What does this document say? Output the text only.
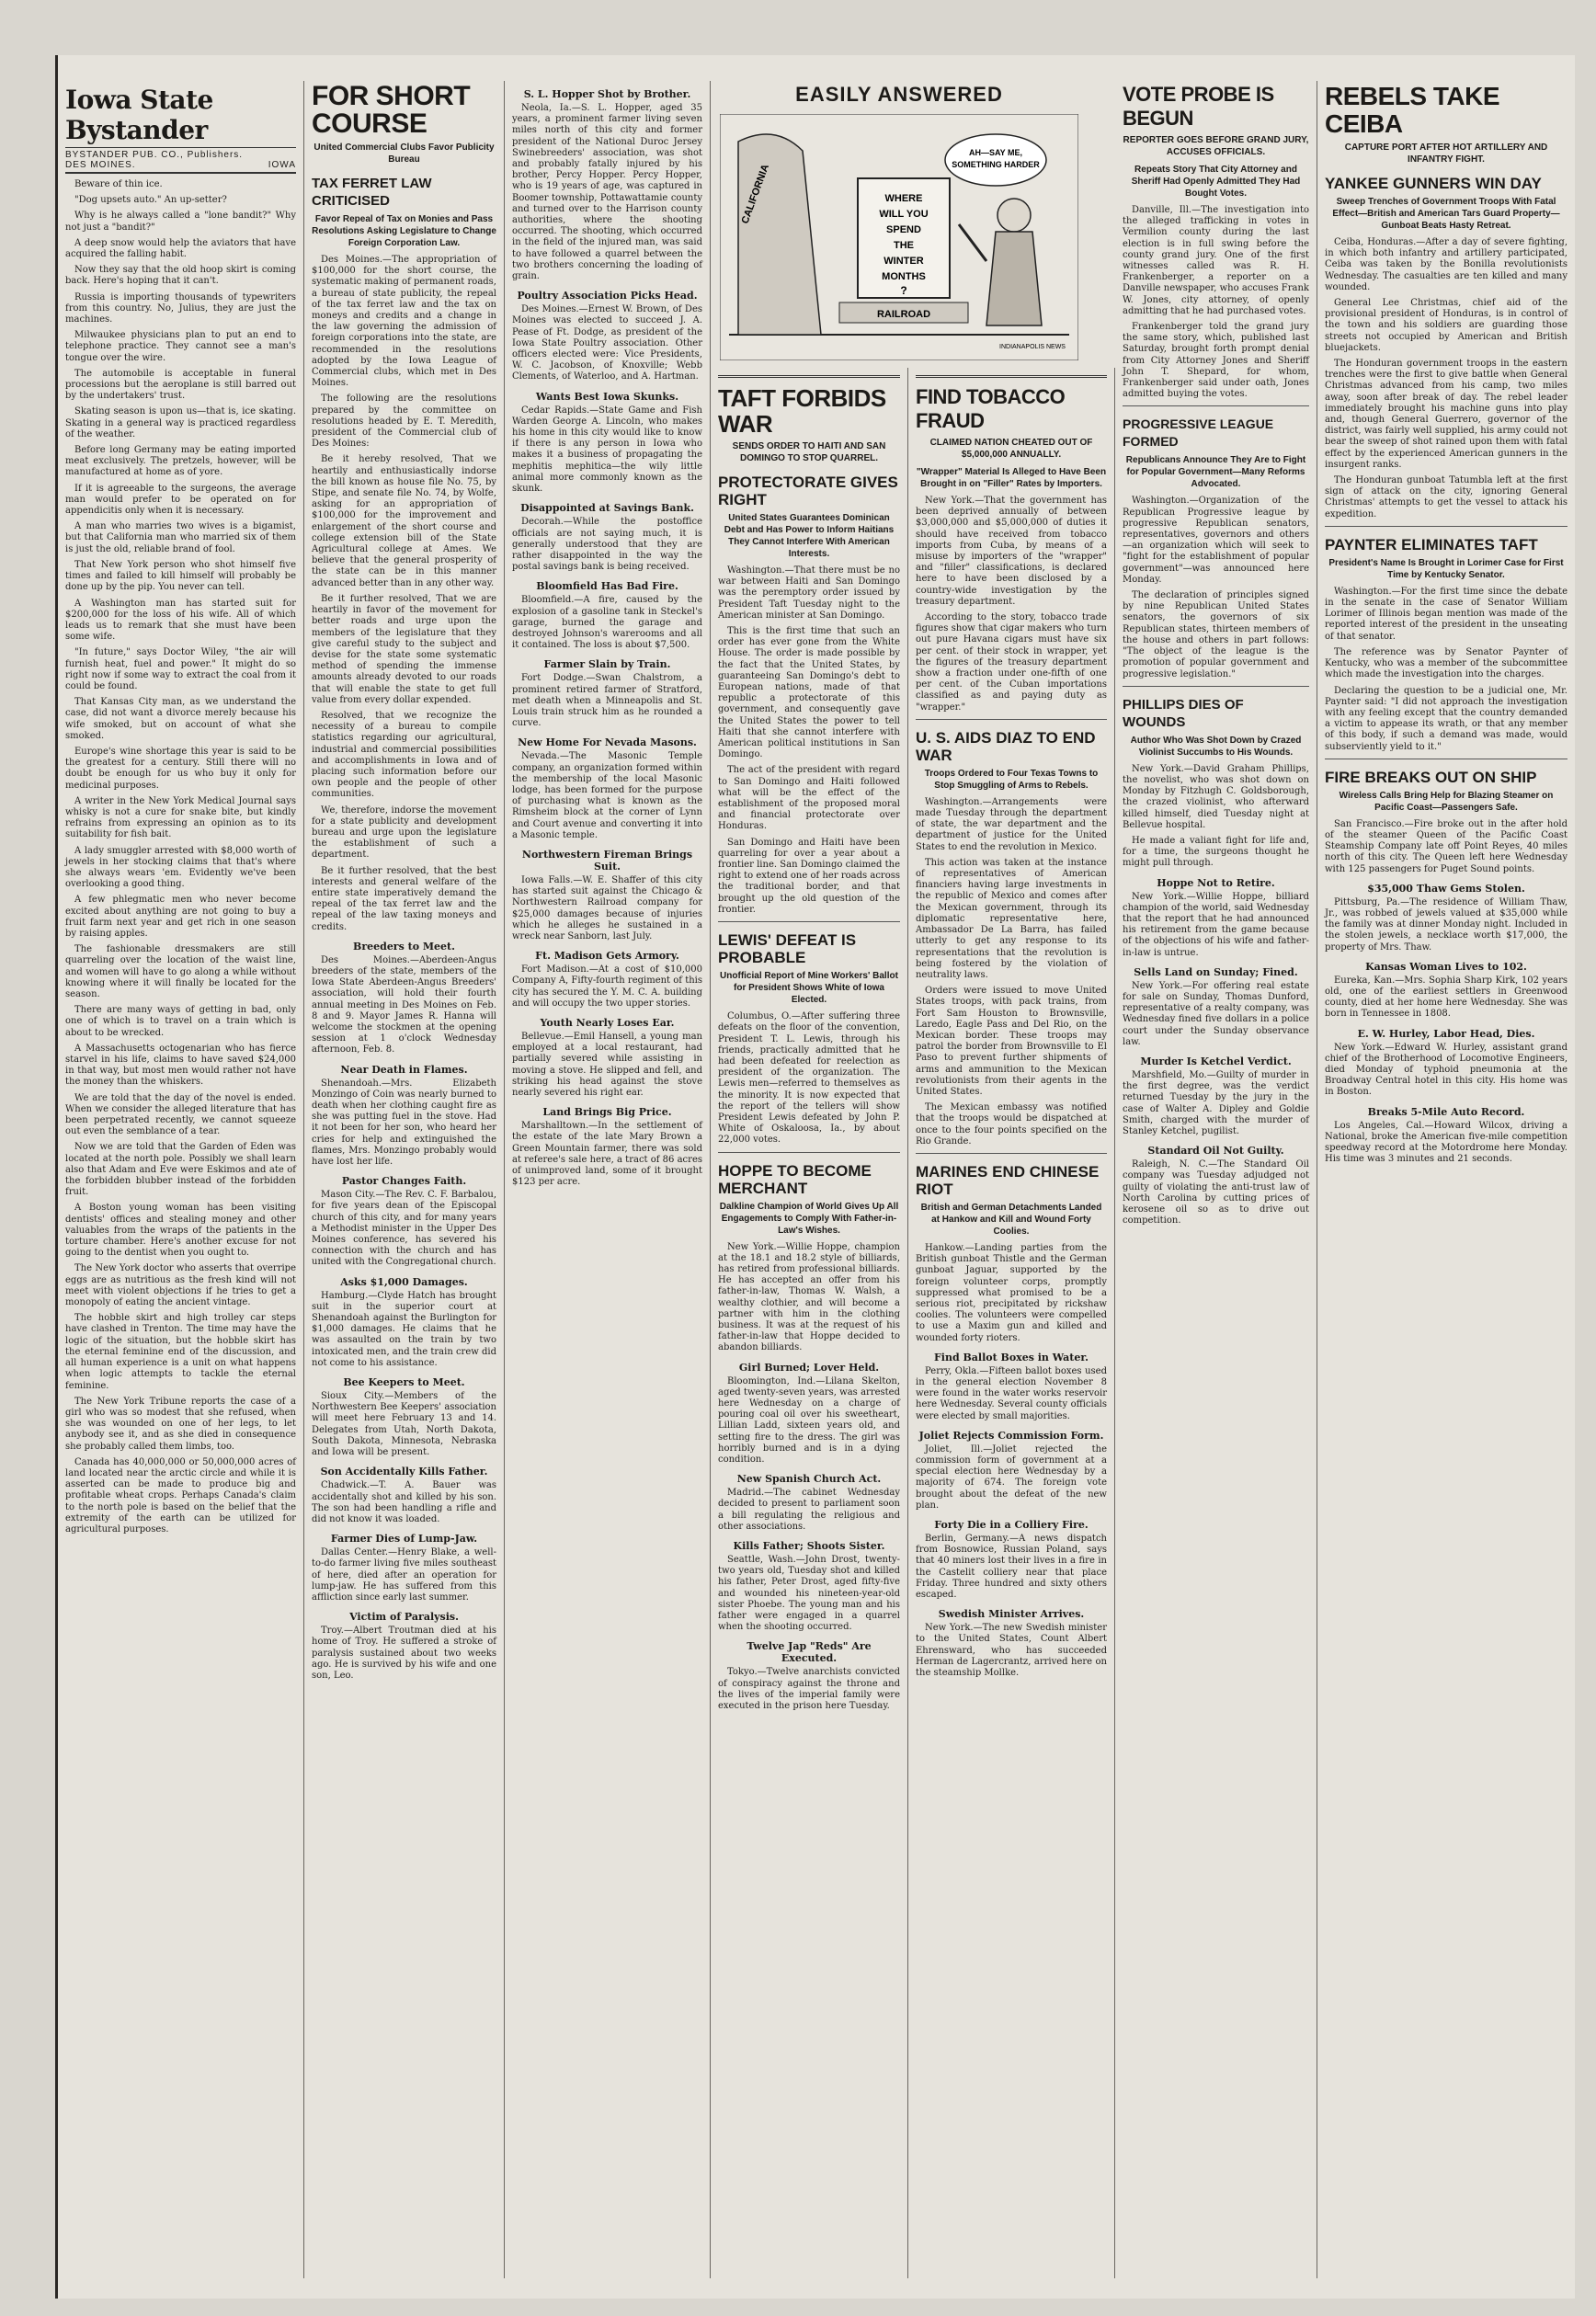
Iowa State Bystander
BYSTANDER PUB. CO., Publishers.
DES MOINES.	IOWA

Beware of thin ice.

"Dog upsets auto." An up-setter?

Why is he always called a "lone bandit?" Why not just a "bandit?"

A deep snow would help the aviators that have acquired the falling habit.

Now they say that the old hoop skirt is coming back. Here's hoping that it can't.

Russia is importing thousands of typewriters from this country. No, Julius, they are just the machines.

Milwaukee physicians plan to put an end to telephone practice. They cannot see a man's tongue over the wire.

The automobile is acceptable in funeral processions but the aeroplane is still barred out by the undertakers' trust.

Skating season is upon us—that is, ice skating. Skating in a general way is practiced regardless of the weather.

Before long Germany may be eating imported meat exclusively. The pretzels, however, will be manufactured at home as of yore.

If it is agreeable to the surgeons, the average man would prefer to be operated on for appendicitis only when it is necessary.

A man who marries two wives is a bigamist, but that California man who married six of them is just the old, reliable brand of fool.

That New York person who shot himself five times and failed to kill himself will probably be done up by the pip. You never can tell.

A Washington man has started suit for $200,000 for the loss of his wife. All of which leads us to remark that she must have been some wife.

"In future," says Doctor Wiley, "the air will furnish heat, fuel and power." It might do so right now if some way to extract the coal from it could be found.

That Kansas City man, as we understand the case, did not want a divorce merely because his wife smoked, but on account of what she smoked.

Europe's wine shortage this year is said to be the greatest for a century. Still there will no doubt be enough for us who buy it only for medicinal purposes.

A writer in the New York Medical Journal says whisky is not a cure for snake bite, but kindly refrains from expressing an opinion as to its suitability for fish bait.

A lady smuggler arrested with $8,000 worth of jewels in her stocking claims that that's where she always wears 'em. Evidently we've been overlooking a good thing.

A few phlegmatic men who never become excited about anything are not going to buy a fruit farm next year and get rich in one season by raising apples.

The fashionable dressmakers are still quarreling over the location of the waist line, and women will have to go along a while without knowing where it will finally be located for the season.

There are many ways of getting in bad, only one of which is to travel on a train which is about to be wrecked.

A Massachusetts octogenarian who has fierce starvel in his life, claims to have saved $24,000 in that way, but most men would rather not have the money than the whiskers.

We are told that the day of the novel is ended. When we consider the alleged literature that has been perpetrated recently, we cannot squeeze out even the semblance of a tear.

Now we are told that the Garden of Eden was located at the north pole. Possibly we shall learn also that Adam and Eve were Eskimos and ate of the forbidden blubber instead of the forbidden fruit.

A Boston young woman has been visiting dentists' offices and stealing money and other valuables from the wraps of the patients in the torture chamber. Here's another excuse for not going to the dentist when you ought to.

The New York doctor who asserts that overripe eggs are as nutritious as the fresh kind will not meet with violent objections if he tries to get a monopoly of eating the ancient vintage.

The hobble skirt and high trolley car steps have clashed in Trenton. The time may have the logic of the situation, but the hobble skirt has the eternal feminine end of the discussion, and all human experience is a unit on what happens when logic attempts to tackle the eternal feminine.

The New York Tribune reports the case of a girl who was so modest that she refused, when she was wounded on one of her legs, to let anybody see it, and as she died in consequence she probably called them limbs, too.

Canada has 40,000,000 or 50,000,000 acres of land located near the arctic circle and while it is asserted can be made to produce big and profitable wheat crops. Perhaps Canada's claim to the north pole is based on the belief that the extremity of the earth can be utilized for agricultural purposes.

FOR SHORT COURSE
United Commercial Clubs Favor Publicity Bureau
TAX FERRET LAW CRITICISED
Favor Repeal of Tax on Monies and Pass Resolutions Asking Legislature to Change Foreign Corporation Law.

Des Moines.—The appropriation of $100,000 for the short course, the systematic making of permanent roads, a bureau of state publicity, the repeal of the tax ferret law and the tax on moneys and credits and a change in the law governing the admission of foreign corporations into the state, are recommended in the resolutions adopted by the Iowa League of Commercial clubs, which met in Des Moines.

The following are the resolutions prepared by the committee on resolutions headed by E. T. Meredith, president of the Commercial club of Des Moines:

Be it hereby resolved, That we heartily and enthusiastically indorse the bill known as house file No. 75, by Stipe, and senate file No. 74, by Wolfe, asking for an appropriation of $100,000 for the improvement and enlargement of the short course and college extension bill of the State Agricultural college at Ames. We believe that the general prosperity of the state can be in this manner advanced better than in any other way.

Be it further resolved, That we are heartily in favor of the movement for better roads and urge upon the members of the legislature that they give careful study to the subject and devise for the state some systematic method of spending the immense amounts already devoted to our roads that will enable the state to get full value from every dollar expended.

Resolved, that we recognize the necessity of a bureau to compile statistics regarding our agricultural, industrial and commercial possibilities and accomplishments in Iowa and of placing such information before our own people and the people of other communities.

We, therefore, indorse the movement for a state publicity and development bureau and urge upon the legislature the establishment of such a department.

Be it further resolved, that the best interests and general welfare of the entire state imperatively demand the repeal of the tax ferret law and the repeal of the law taxing moneys and credits.

Breeders to Meet.

Des Moines.—Aberdeen-Angus breeders of the state, members of the Iowa State Aberdeen-Angus Breeders' association, will hold their fourth annual meeting in Des Moines on Feb. 8 and 9. Mayor James R. Hanna will welcome the stockmen at the opening session at 1 o'clock Wednesday afternoon, Feb. 8.

Near Death in Flames.

Shenandoah.—Mrs. Elizabeth Monzingo of Coin was nearly burned to death when her clothing caught fire as she was putting fuel in the stove. Had it not been for her son, who heard her cries for help and extinguished the flames, Mrs. Monzingo probably would have lost her life.

Pastor Changes Faith.

Mason City.—The Rev. C. F. Barbalou, for five years dean of the Episcopal church of this city, and for many years a Methodist minister in the Upper Des Moines conference, has severed his connection with the church and has united with the Congregational church.

Asks $1,000 Damages.

Hamburg.—Clyde Hatch has brought suit in the superior court at Shenandoah against the Burlington for $1,000 damages. He claims that he was assaulted on the train by two intoxicated men, and the train crew did not come to his assistance.

Bee Keepers to Meet.

Sioux City.—Members of the Northwestern Bee Keepers' association will meet here February 13 and 14. Delegates from Utah, North Dakota, South Dakota, Minnesota, Nebraska and Iowa will be present.

Son Accidentally Kills Father.

Chadwick.—T. A. Bauer was accidentally shot and killed by his son. The son had been handling a rifle and did not know it was loaded.

Farmer Dies of Lump-Jaw.

Dallas Center.—Henry Blake, a well-to-do farmer living five miles southeast of here, died after an operation for lump-jaw. He has suffered from this affliction since early last summer.

Victim of Paralysis.

Troy.—Albert Troutman died at his home of Troy. He suffered a stroke of paralysis sustained about two weeks ago. He is survived by his wife and one son, Leo.

S. L. Hopper Shot by Brother.

Neola, Ia.—S. L. Hopper, aged 35 years, a prominent farmer living seven miles north of this city and former president of the National Duroc Jersey Swinebreeders' association, was shot and probably fatally injured by his brother, Percy Hopper. Percy Hopper, who is 19 years of age, was captured in Boomer township, Pottawattamie county and turned over to the Harrison county authorities, where the shooting occurred. The shooting, which occurred in the field of the injured man, was said to have followed a quarrel between the two brothers concerning the loading of grain.

Poultry Association Picks Head.

Des Moines.—Ernest W. Brown, of Des Moines was elected to succeed J. A. Pease of Ft. Dodge, as president of the Iowa State Poultry association. Other officers elected were: Vice Presidents, W. C. Jacobson, of Knoxville; Webb Clements, of Waterloo, and A. Hartman.

Wants Best Iowa Skunks.

Cedar Rapids.—State Game and Fish Warden George A. Lincoln, who makes his home in this city would like to know if there is any person in Iowa who makes it a business of propagating the mephitis mephitica—the wily little animal more commonly known as the skunk.

Disappointed at Savings Bank.

Decorah.—While the postoffice officials are not saying much, it is generally understood that they are rather disappointed in the way the postal savings bank is being received.

Bloomfield Has Bad Fire.

Bloomfield.—A fire, caused by the explosion of a gasoline tank in Steckel's garage, burned the garage and destroyed Johnson's warerooms and all it contained. The loss is about $7,500.

Farmer Slain by Train.

Fort Dodge.—Swan Chalstrom, a prominent retired farmer of Stratford, met death when a Minneapolis and St. Louis train struck him as he rounded a curve.

New Home For Nevada Masons.

Nevada.—The Masonic Temple company, an organization formed within the membership of the local Masonic lodge, has been formed for the purpose of purchasing what is known as the Rimsheim block at the corner of Lynn and Court avenue and converting it into a Masonic temple.

Northwestern Fireman Brings Suit.

Iowa Falls.—W. E. Shaffer of this city has started suit against the Chicago & Northwestern Railroad company for $25,000 damages because of injuries which he alleges he sustained in a wreck near Sanborn, last July.

Ft. Madison Gets Armory.

Fort Madison.—At a cost of $10,000 Company A, Fifty-fourth regiment of this city has secured the Y. M. C. A. building and will occupy the two upper stories.

Youth Nearly Loses Ear.

Bellevue.—Emil Hansell, a young man employed at a local restaurant, had partially severed while assisting in moving a stove. He slipped and fell, and striking his head against the stove nearly severed his right ear.

Land Brings Big Price.

Marshalltown.—In the settlement of the estate of the late Mary Brown a Green Mountain farmer, there was sold at referee's sale here, a tract of 86 acres of unimproved land, some of it brought $123 per acre.

EASILY ANSWERED
CALIFORNIA	WHERE
WILL YOU
SPEND
THE
WINTER
MONTHS
?
AH—SAY ME,
SOMETHING HARDER
RAILROAD
INDIANAPOLIS NEWS
TAFT FORBIDS WAR
SENDS ORDER TO HAITI AND SAN DOMINGO TO STOP QUARREL.
PROTECTORATE GIVES RIGHT
United States Guarantees Dominican Debt and Has Power to Inform Haitians They Cannot Interfere With American Interests.

Washington.—That there must be no war between Haiti and San Domingo was the peremptory order issued by President Taft Tuesday night to the American minister at San Domingo.

This is the first time that such an order has ever gone from the White House. The order is made possible by the fact that the United States, by guaranteeing San Domingo's debt to European nations, made of that republic a protectorate of this government, and consequently gave the United States the power to tell Haiti that she cannot interfere with American political institutions in San Domingo.

The act of the president with regard to San Domingo and Haiti followed what will be the effect of the establishment of the proposed moral and financial protectorate over Honduras.

San Domingo and Haiti have been quarreling for over a year about a frontier line. San Domingo claimed the right to extend one of her roads across the traditional border, and that brought up the old question of the frontier.

LEWIS' DEFEAT IS PROBABLE
Unofficial Report of Mine Workers' Ballot for President Shows White of Iowa Elected.

Columbus, O.—After suffering three defeats on the floor of the convention, President T. L. Lewis, through his friends, practically admitted that he had been defeated for reelection as president of the organization. The Lewis men—referred to themselves as the minority. It is now expected that the report of the tellers will show President Lewis defeated by John P. White of Oskaloosa, Ia., by about 22,000 votes.

HOPPE TO BECOME MERCHANT
Dalkline Champion of World Gives Up All Engagements to Comply With Father-in-Law's Wishes.

New York.—Willie Hoppe, champion at the 18.1 and 18.2 style of billiards, has retired from professional billiards. He has accepted an offer from his father-in-law, Thomas W. Walsh, a wealthy clothier, and will become a partner with him in the clothing business. It was at the request of his father-in-law that Hoppe decided to abandon billiards.

Girl Burned; Lover Held.

Bloomington, Ind.—Lilana Skelton, aged twenty-seven years, was arrested here Wednesday on a charge of pouring coal oil over his sweetheart, Lillian Ladd, sixteen years old, and setting fire to the dress. The girl was horribly burned and is in a dying condition.

New Spanish Church Act.

Madrid.—The cabinet Wednesday decided to present to parliament soon a bill regulating the religious and other associations.

Kills Father; Shoots Sister.

Seattle, Wash.—John Drost, twenty-two years old, Tuesday shot and killed his father, Peter Drost, aged fifty-five and wounded his nineteen-year-old sister Phoebe. The young man and his father were engaged in a quarrel when the shooting occurred.

Twelve Jap "Reds" Are Executed.

Tokyo.—Twelve anarchists convicted of conspiracy against the throne and the lives of the imperial family were executed in the prison here Tuesday.

FIND TOBACCO FRAUD
CLAIMED NATION CHEATED OUT OF $5,000,000 ANNUALLY.
"Wrapper" Material Is Alleged to Have Been Brought in on "Filler" Rates by Importers.

New York.—That the government has been deprived annually of between $3,000,000 and $5,000,000 of duties it should have received from tobacco imports from Cuba, by means of a misuse by importers of the "wrapper" and "filler" classifications, is declared here to have been disclosed by a country-wide investigation by the treasury department.

According to the story, tobacco trade figures show that cigar makers who turn out pure Havana cigars must have six per cent. of their stock in wrapper, yet the figures of the treasury department show a fraction under one-fifth of one per cent. of the Cuban importations classified as and paying duty as "wrapper."

U. S. AIDS DIAZ TO END WAR
Troops Ordered to Four Texas Towns to Stop Smuggling of Arms to Rebels.

Washington.—Arrangements were made Tuesday through the department of state, the war department and the department of justice for the United States to end the revolution in Mexico.

This action was taken at the instance of representatives of American financiers having large investments in the republic of Mexico and comes after the Mexican government, through its diplomatic representative here, Ambassador De La Barra, has failed utterly to get any response to its representations that the revolution is being fostered by the violation of neutrality laws.

Orders were issued to move United States troops, with pack trains, from Fort Sam Houston to Brownsville, Laredo, Eagle Pass and Del Rio, on the Mexican border. These troops may patrol the border from Brownsville to El Paso to prevent further shipments of arms and ammunition to the Mexican revolutionists from their agents in the United States.

The Mexican embassy was notified that the troops would be dispatched at once to the four points specified on the Rio Grande.

MARINES END CHINESE RIOT
British and German Detachments Landed at Hankow and Kill and Wound Forty Coolies.

Hankow.—Landing parties from the British gunboat Thistle and the German gunboat Jaguar, supported by the foreign volunteer corps, promptly suppressed what promised to be a serious riot, precipitated by rickshaw coolies. The volunteers were compelled to use a Maxim gun and killed and wounded forty rioters.

Find Ballot Boxes in Water.

Perry, Okla.—Fifteen ballot boxes used in the general election November 8 were found in the water works reservoir here Wednesday. Several county officials were elected by small majorities.

Joliet Rejects Commission Form.

Joliet, Ill.—Joliet rejected the commission form of government at a special election here Wednesday by a majority of 674. The foreign vote brought about the defeat of the new plan.

Forty Die in a Colliery Fire.

Berlin, Germany.—A news dispatch from Bosnowice, Russian Poland, says that 40 miners lost their lives in a fire in the Castelit colliery near that place Friday. Three hundred and sixty others escaped.

Swedish Minister Arrives.

New York.—The new Swedish minister to the United States, Count Albert Ehrensward, who has succeeded Herman de Lagercrantz, arrived here on the steamship Mollke.

VOTE PROBE IS BEGUN
REPORTER GOES BEFORE GRAND JURY, ACCUSES OFFICIALS.
Repeats Story That City Attorney and Sheriff Had Openly Admitted They Had Bought Votes.

Danville, Ill.—The investigation into the alleged trafficking in votes in Vermilion county during the last election is in full swing before the county grand jury. One of the first witnesses called was R. H. Frankenberger, a reporter on a Danville newspaper, who accuses Frank W. Jones, city attorney, of openly admitting that he had purchased votes.

Frankenberger told the grand jury the same story, which, published last Saturday, brought forth prompt denial from City Attorney Jones and Sheriff John T. Shepard, for whom, Frankenberger said under oath, Jones admitted buying the votes.

PROGRESSIVE LEAGUE FORMED
Republicans Announce They Are to Fight for Popular Government—Many Reforms Advocated.

Washington.—Organization of the Republican Progressive league by progressive Republican senators, representatives, governors and others—an organization which will seek to "fight for the establishment of popular government"—was announced here Monday.

The declaration of principles signed by nine Republican United States senators, the governors of six Republican states, thirteen members of the house and others in part follows: "The object of the league is the promotion of popular government and progressive legislation."

PHILLIPS DIES OF WOUNDS
Author Who Was Shot Down by Crazed Violinist Succumbs to His Wounds.

New York.—David Graham Phillips, the novelist, who was shot down on Monday by Fitzhugh C. Goldsborough, the crazed violinist, who afterward killed himself, died Tuesday night at Bellevue hospital.

He made a valiant fight for life and, for a time, the surgeons thought he might pull through.

Hoppe Not to Retire.

New York.—Willie Hoppe, billiard champion of the world, said Wednesday that the report that he had announced his retirement from the game because of the objections of his wife and father-in-law is untrue.

Sells Land on Sunday; Fined.

New York.—For offering real estate for sale on Sunday, Thomas Dunford, representative of a realty company, was Wednesday fined five dollars in a police court under the Sunday observance law.

Murder Is Ketchel Verdict.

Marshfield, Mo.—Guilty of murder in the first degree, was the verdict returned Tuesday by the jury in the case of Walter A. Dipley and Goldie Smith, charged with the murder of Stanley Ketchel, pugilist.

Standard Oil Not Guilty.

Raleigh, N. C.—The Standard Oil company was Tuesday adjudged not guilty of violating the anti-trust law of North Carolina by cutting prices of kerosene oil so as to drive out competition.

REBELS TAKE CEIBA
CAPTURE PORT AFTER HOT ARTILLERY AND INFANTRY FIGHT.
YANKEE GUNNERS WIN DAY
Sweep Trenches of Government Troops With Fatal Effect—British and American Tars Guard Property—Gunboat Beats Hasty Retreat.

Ceiba, Honduras.—After a day of severe fighting, in which both infantry and artillery participated, Ceiba was taken by the Bonilla revolutionists Wednesday. The casualties are ten killed and many wounded.

General Lee Christmas, chief aid of the provisional president of Honduras, is in control of the town and his soldiers are guarding those streets not occupied by American and British bluejackets.

The Honduran government troops in the eastern trenches were the first to give battle when General Christmas advanced from his camp, two miles away, soon after break of day. The rebel leader immediately brought his machine guns into play and, though General Guerrero, governor of the district, was fairly well supplied, his army could not bear the sweep of shot rained upon them with fatal effect by the experienced American gunners in the insurgent ranks.

The Honduran gunboat Tatumbla left at the first sign of attack on the city, ignoring General Christmas' attempts to get the vessel to attack his expedition.

PAYNTER ELIMINATES TAFT
President's Name Is Brought in Lorimer Case for First Time by Kentucky Senator.

Washington.—For the first time since the debate in the senate in the case of Senator William Lorimer of Illinois began mention was made of the reported interest of the president in the unseating of that senator.

The reference was by Senator Paynter of Kentucky, who was a member of the subcommittee which made the investigation into the charges.

Declaring the question to be a judicial one, Mr. Paynter said: "I did not approach the investigation with any feeling except that the country demanded a victim to appease its wrath, or that any member of this body, if such a demand was made, would subserviently yield to it."

FIRE BREAKS OUT ON SHIP
Wireless Calls Bring Help for Blazing Steamer on Pacific Coast—Passengers Safe.

San Francisco.—Fire broke out in the after hold of the steamer Queen of the Pacific Coast Steamship Company late off Point Reyes, 40 miles north of this city. The Queen left here Wednesday with 125 passengers for Puget Sound points.

$35,000 Thaw Gems Stolen.

Pittsburg, Pa.—The residence of William Thaw, Jr., was robbed of jewels valued at $35,000 while the family was at dinner Monday night. Included in the stolen jewels, a necklace worth $17,000, the property of Mrs. Thaw.

Kansas Woman Lives to 102.

Eureka, Kan.—Mrs. Sophia Sharp Kirk, 102 years old, one of the earliest settlers in Greenwood county, died at her home here Wednesday. She was born in Tennessee in 1808.

E. W. Hurley, Labor Head, Dies.

New York.—Edward W. Hurley, assistant grand chief of the Brotherhood of Locomotive Engineers, died Monday of typhoid pneumonia at the Broadway Central hotel in this city. His home was in Boston.

Breaks 5-Mile Auto Record.

Los Angeles, Cal.—Howard Wilcox, driving a National, broke the American five-mile competition speedway record at the Motordrome here Monday. His time was 3 minutes and 21 seconds.
